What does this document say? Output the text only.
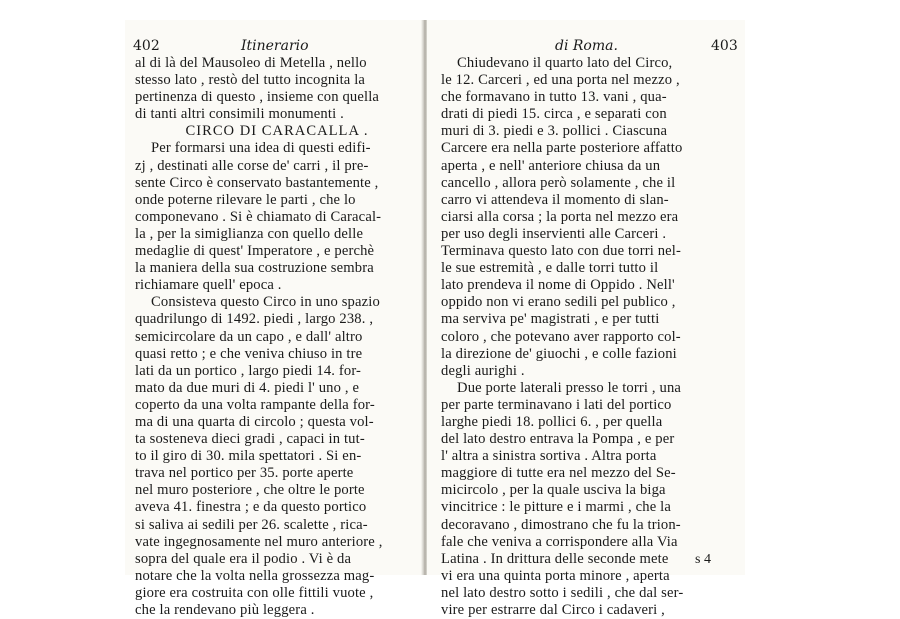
402	Itinerario
al di là del Mausoleo di Metella , nello
stesso lato , restò del tutto incognita la
pertinenza di questo , insieme con quella
di tanti altri consimili monumenti .
CIRCO DI CARACALLA .
Per formarsi una idea di questi edifi-
zj , destinati alle corse de' carri , il pre-
sente Circo è conservato bastantemente ,
onde poterne rilevare le parti , che lo
componevano . Si è chiamato di Caracal-
la , per la simiglianza con quello delle
medaglie di quest' Imperatore , e perchè
la maniera della sua costruzione sembra
richiamare quell' epoca .
Consisteva questo Circo in uno spazio
quadrilungo di 1492. piedi , largo 238. ,
semicircolare da un capo , e dall' altro
quasi retto ; e che veniva chiuso in tre
lati da un portico , largo piedi 14. for-
mato da due muri di 4. piedi l' uno , e
coperto da una volta rampante della for-
ma di una quarta di circolo ; questa vol-
ta sosteneva dieci gradi , capaci in tut-
to il giro di 30. mila spettatori . Si en-
trava nel portico per 35. porte aperte
nel muro posteriore , che oltre le porte
aveva 41. finestra ; e da questo portico
si saliva ai sedili per 26. scalette , rica-
vate ingegnosamente nel muro anteriore ,
sopra del quale era il podio . Vi è da
notare che la volta nella grossezza mag-
giore era costruita con olle fittili vuote ,
che la rendevano più leggera .
di Roma.	403
Chiudevano il quarto lato del Circo,
le 12. Carceri , ed una porta nel mezzo ,
che formavano in tutto 13. vani , qua-
drati di piedi 15. circa , e separati con
muri di 3. piedi e 3. pollici . Ciascuna
Carcere era nella parte posteriore affatto
aperta , e nell' anteriore chiusa da un
cancello , allora però solamente , che il
carro vi attendeva il momento di slan-
ciarsi alla corsa ; la porta nel mezzo era
per uso degli inservienti alle Carceri .
Terminava questo lato con due torri nel-
le sue estremità , e dalle torri tutto il
lato prendeva il nome di Oppido . Nell'
oppido non vi erano sedili pel publico ,
ma serviva pe' magistrati , e per tutti
coloro , che potevano aver rapporto col-
la direzione de' giuochi , e colle fazioni
degli aurighi .
Due porte laterali presso le torri , una
per parte terminavano i lati del portico
larghe piedi 18. pollici 6. , per quella
del lato destro entrava la Pompa , e per
l' altra a sinistra sortiva . Altra porta
maggiore di tutte era nel mezzo del Se-
micircolo , per la quale usciva la biga
vincitrice : le pitture e i marmi , che la
decoravano , dimostrano che fu la trion-
fale che veniva a corrispondere alla Via
Latina . In drittura delle seconde mete
vi era una quinta porta minore , aperta
nel lato destro sotto i sedili , che dal ser-
vire per estrarre dal Circo i cadaveri ,
s 4
